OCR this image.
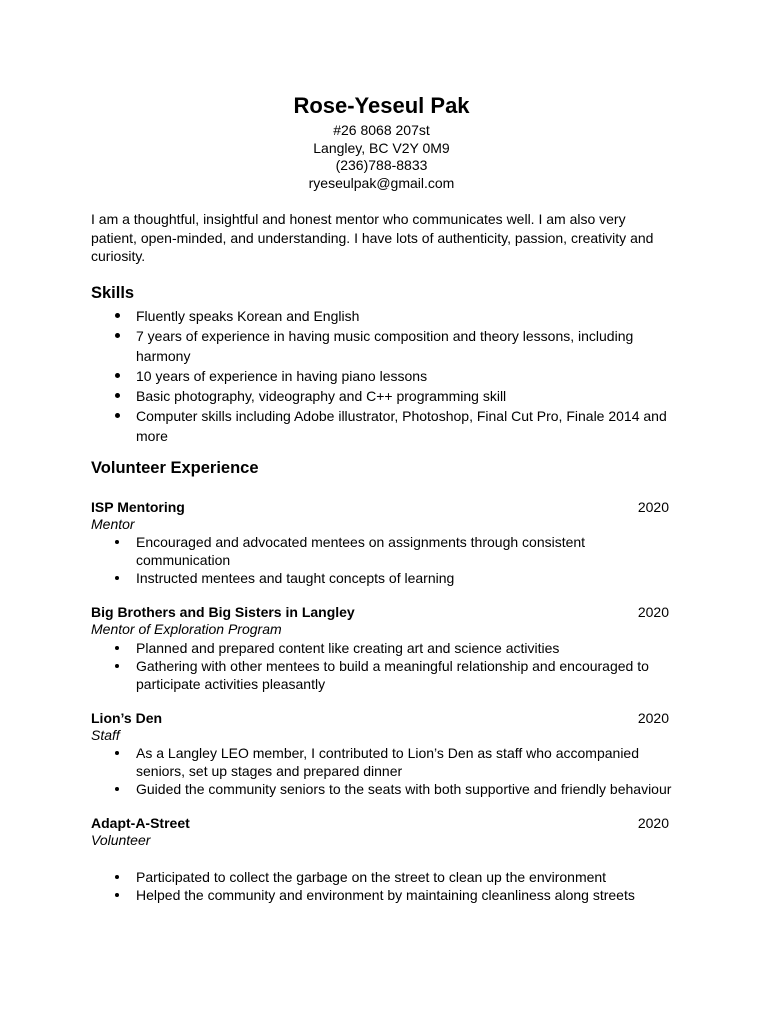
Rose-Yeseul Pak
#26 8068 207st
Langley, BC V2Y 0M9
(236)788-8833
ryeseulpak@gmail.com
I am a thoughtful, insightful and honest mentor who communicates well. I am also very patient, open-minded, and understanding. I have lots of authenticity, passion, creativity and curiosity.
Skills
Fluently speaks Korean and English
7 years of experience in having music composition and theory lessons, including harmony
10 years of experience in having piano lessons
Basic photography, videography and C++ programming skill
Computer skills including Adobe illustrator, Photoshop, Final Cut Pro, Finale 2014 and more
Volunteer Experience
ISP Mentoring	2020
Mentor
Encouraged and advocated mentees on assignments through consistent communication
Instructed mentees and taught concepts of learning
Big Brothers and Big Sisters in Langley	2020
Mentor of Exploration Program
Planned and prepared content like creating art and science activities
Gathering with other mentees to build a meaningful relationship and encouraged to participate activities pleasantly
Lion’s Den	2020
Staff
As a Langley LEO member, I contributed to Lion’s Den as staff who accompanied seniors, set up stages and prepared dinner
Guided the community seniors to the seats with both supportive and friendly behaviour
Adapt-A-Street	2020
Volunteer
Participated to collect the garbage on the street to clean up the environment
Helped the community and environment by maintaining cleanliness along streets
